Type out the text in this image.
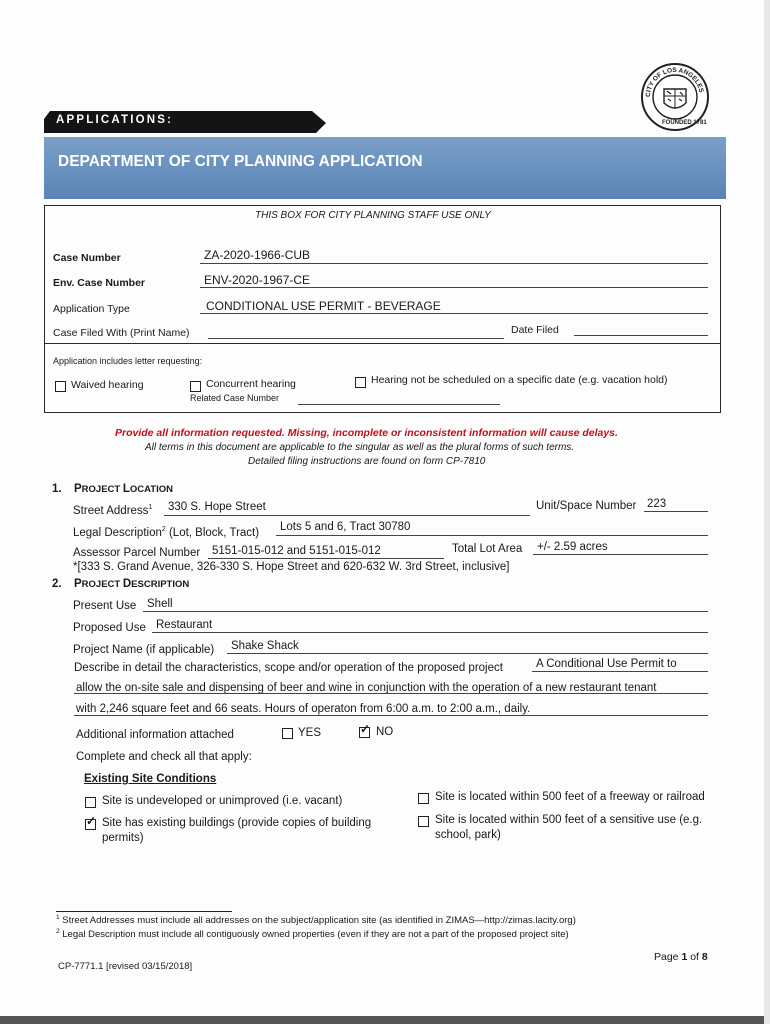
CITY OF LOS ANGELES
FOUNDED 1781
APPLICATIONS:
DEPARTMENT OF CITY PLANNING APPLICATION
THIS BOX FOR CITY PLANNING STAFF USE ONLY
Case Number	ZA-2020-1966-CUB
Env. Case Number	ENV-2020-1967-CE
Application Type	CONDITIONAL USE PERMIT - BEVERAGE
Case Filed With (Print Name)	Date Filed
Application includes letter requesting:
Waived hearing	Concurrent hearing
Related Case Number
Hearing not be scheduled on a specific date (e.g. vacation hold)
Provide all information requested. Missing, incomplete or inconsistent information will cause delays.
All terms in this document are applicable to the singular as well as the plural forms of such terms.
Detailed filing instructions are found on form CP-7810
1. PROJECT LOCATION
Street Address$^1$ 330 S. Hope Street	Unit/Space Number 223
Legal Description$^2$ (Lot, Block, Tract) Lots 5 and 6, Tract 30780
Assessor Parcel Number 5151-015-012 and 5151-015-012	Total Lot Area +/- 2.59 acres
*[333 S. Grand Avenue, 326-330 S. Hope Street and 620-632 W. 3rd Street, inclusive]
2. PROJECT DESCRIPTION
Present Use Shell
Proposed Use Restaurant
Project Name (if applicable) Shake Shack
Describe in detail the characteristics, scope and/or operation of the proposed project	A Conditional Use Permit to
allow the on-site sale and dispensing of beer and wine in conjunction with the operation of a new restaurant tenant
with 2,246 square feet and 66 seats. Hours of operaton from 6:00 a.m. to 2:00 a.m., daily.
Additional information attached	YES
✓	NO
Complete and check all that apply:
Existing Site Conditions
Site is undeveloped or unimproved (i.e. vacant)
✓
Site has existing buildings (provide copies of building
permits)
Site is located within 500 feet of a freeway or railroad
Site is located within 500 feet of a sensitive use (e.g.
school, park)
$^1$ Street Addresses must include all addresses on the subject/application site (as identified in ZIMAS—http://zimas.lacity.org)
$^2$ Legal Description must include all contiguously owned properties (even if they are not a part of the proposed project site)
CP-7771.1 [revised 03/15/2018]
Page 1 of 8
